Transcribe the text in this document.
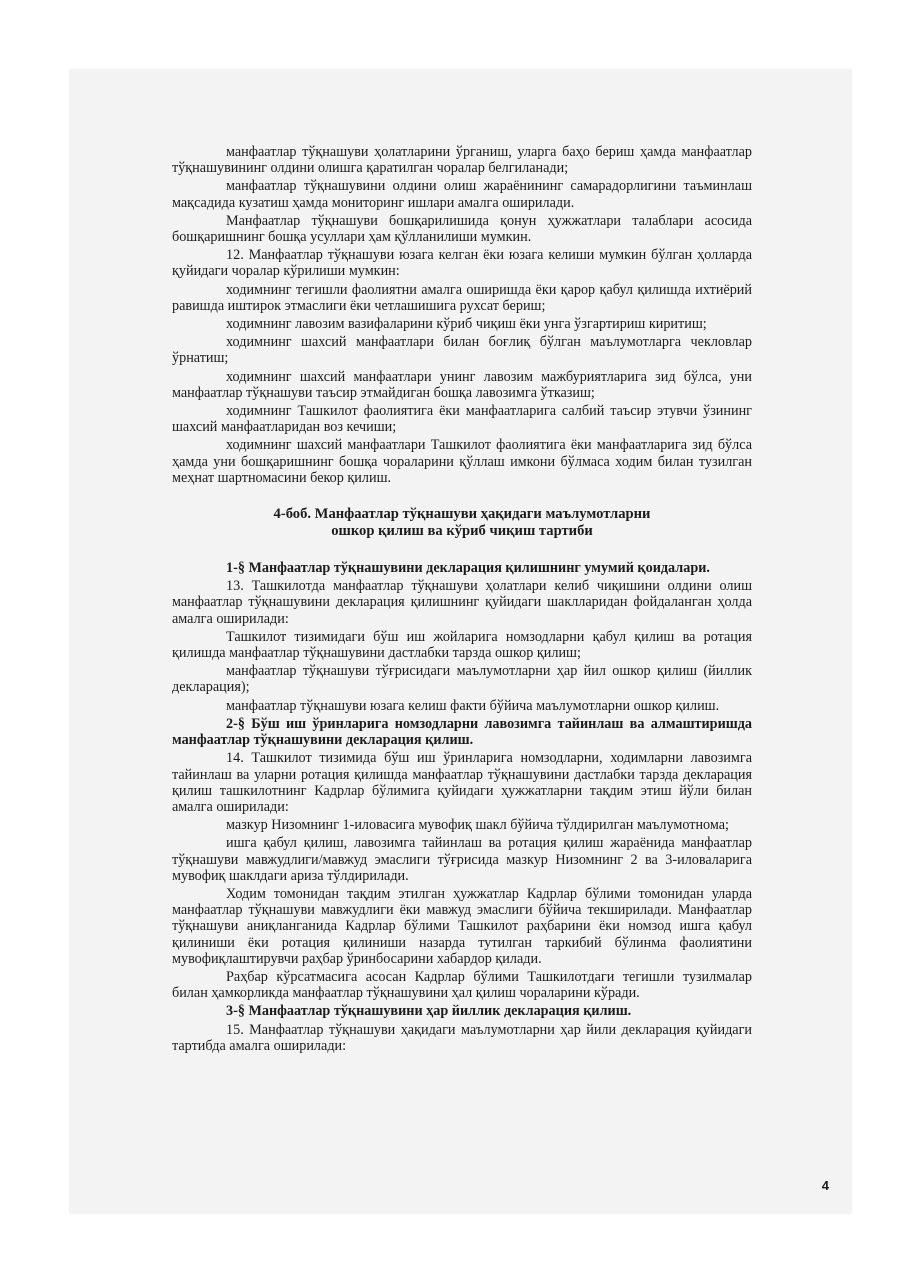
манфаатлар тўқнашуви ҳолатларини ўрганиш, уларга баҳо бериш ҳамда манфаатлар тўқнашувининг олдини олишга қаратилган чоралар белгиланади;

манфаатлар тўқнашувини олдини олиш жараёнининг самарадорлигини таъминлаш мақсадида кузатиш ҳамда мониторинг ишлари амалга оширилади.

Манфаатлар тўқнашуви бошқарилишида қонун ҳужжатлари талаблари асосида бошқаришнинг бошқа усуллари ҳам қўлланилиши мумкин.

12. Манфаатлар тўқнашуви юзага келган ёки юзага келиши мумкин бўлган ҳолларда қуйидаги чоралар кўрилиши мумкин:

ходимнинг тегишли фаолиятни амалга оширишда ёки қарор қабул қилишда ихтиёрий равишда иштирок этмаслиги ёки четлашишига рухсат бериш;

ходимнинг лавозим вазифаларини кўриб чиқиш ёки унга ўзгартириш киритиш;

ходимнинг шахсий манфаатлари билан боғлиқ бўлган маълумотларга чекловлар ўрнатиш;

ходимнинг шахсий манфаатлари унинг лавозим мажбуриятларига зид бўлса, уни манфаатлар тўқнашуви таъсир этмайдиган бошқа лавозимга ўтказиш;

ходимнинг Ташкилот фаолиятига ёки манфаатларига салбий таъсир этувчи ўзининг шахсий манфаатларидан воз кечиши;

ходимнинг шахсий манфаатлари Ташкилот фаолиятига ёки манфаатларига зид бўлса ҳамда уни бошқаришнинг бошқа чораларини қўллаш имкони бўлмаса ходим билан тузилган меҳнат шартномасини бекор қилиш.

4-боб. Манфаатлар тўқнашуви ҳақидаги маълумотларни
ошкор қилиш ва кўриб чиқиш тартиби

1-§ Манфаатлар тўқнашувини декларация қилишнинг умумий қоидалари.

13. Ташкилотда манфаатлар тўқнашуви ҳолатлари келиб чиқишини олдини олиш манфаатлар тўқнашувини декларация қилишнинг қуйидаги шаклларидан фойдаланган ҳолда амалга оширилади:

Ташкилот тизимидаги бўш иш жойларига номзодларни қабул қилиш ва ротация қилишда манфаатлар тўқнашувини дастлабки тарзда ошкор қилиш;

манфаатлар тўқнашуви тўғрисидаги маълумотларни ҳар йил ошкор қилиш (йиллик декларация);

манфаатлар тўқнашуви юзага келиш факти бўйича маълумотларни ошкор қилиш.

2-§ Бўш иш ўринларига номзодларни лавозимга тайинлаш ва алмаштиришда манфаатлар тўқнашувини декларация қилиш.

14. Ташкилот тизимида бўш иш ўринларига номзодларни, ходимларни лавозимга тайинлаш ва уларни ротация қилишда манфаатлар тўқнашувини дастлабки тарзда декларация қилиш ташкилотнинг Кадрлар бўлимига қуйидаги ҳужжатларни тақдим этиш йўли билан амалга оширилади:

мазкур Низомнинг 1-иловасига мувофиқ шакл бўйича тўлдирилган маълумотнома;

ишга қабул қилиш, лавозимга тайинлаш ва ротация қилиш жараёнида манфаатлар тўқнашуви мавжудлиги/мавжуд эмаслиги тўғрисида мазкур Низомнинг 2 ва 3-иловаларига мувофиқ шаклдаги ариза тўлдирилади.

Ходим томонидан тақдим этилган ҳужжатлар Кадрлар бўлими томонидан уларда манфаатлар тўқнашуви мавжудлиги ёки мавжуд эмаслиги бўйича текширилади. Манфаатлар тўқнашуви аниқланганида Кадрлар бўлими Ташкилот раҳбарини ёки номзод ишга қабул қилиниши ёки ротация қилиниши назарда тутилган таркибий бўлинма фаолиятини мувофиқлаштирувчи раҳбар ўринбосарини хабардор қилади.

Раҳбар кўрсатмасига асосан Кадрлар бўлими Ташкилотдаги тегишли тузилмалар билан ҳамкорликда манфаатлар тўқнашувини ҳал қилиш чораларини кўради.

3-§ Манфаатлар тўқнашувини ҳар йиллик декларация қилиш.

15. Манфаатлар тўқнашуви ҳақидаги маълумотларни ҳар йили декларация қуйидаги тартибда амалга оширилади:

4
